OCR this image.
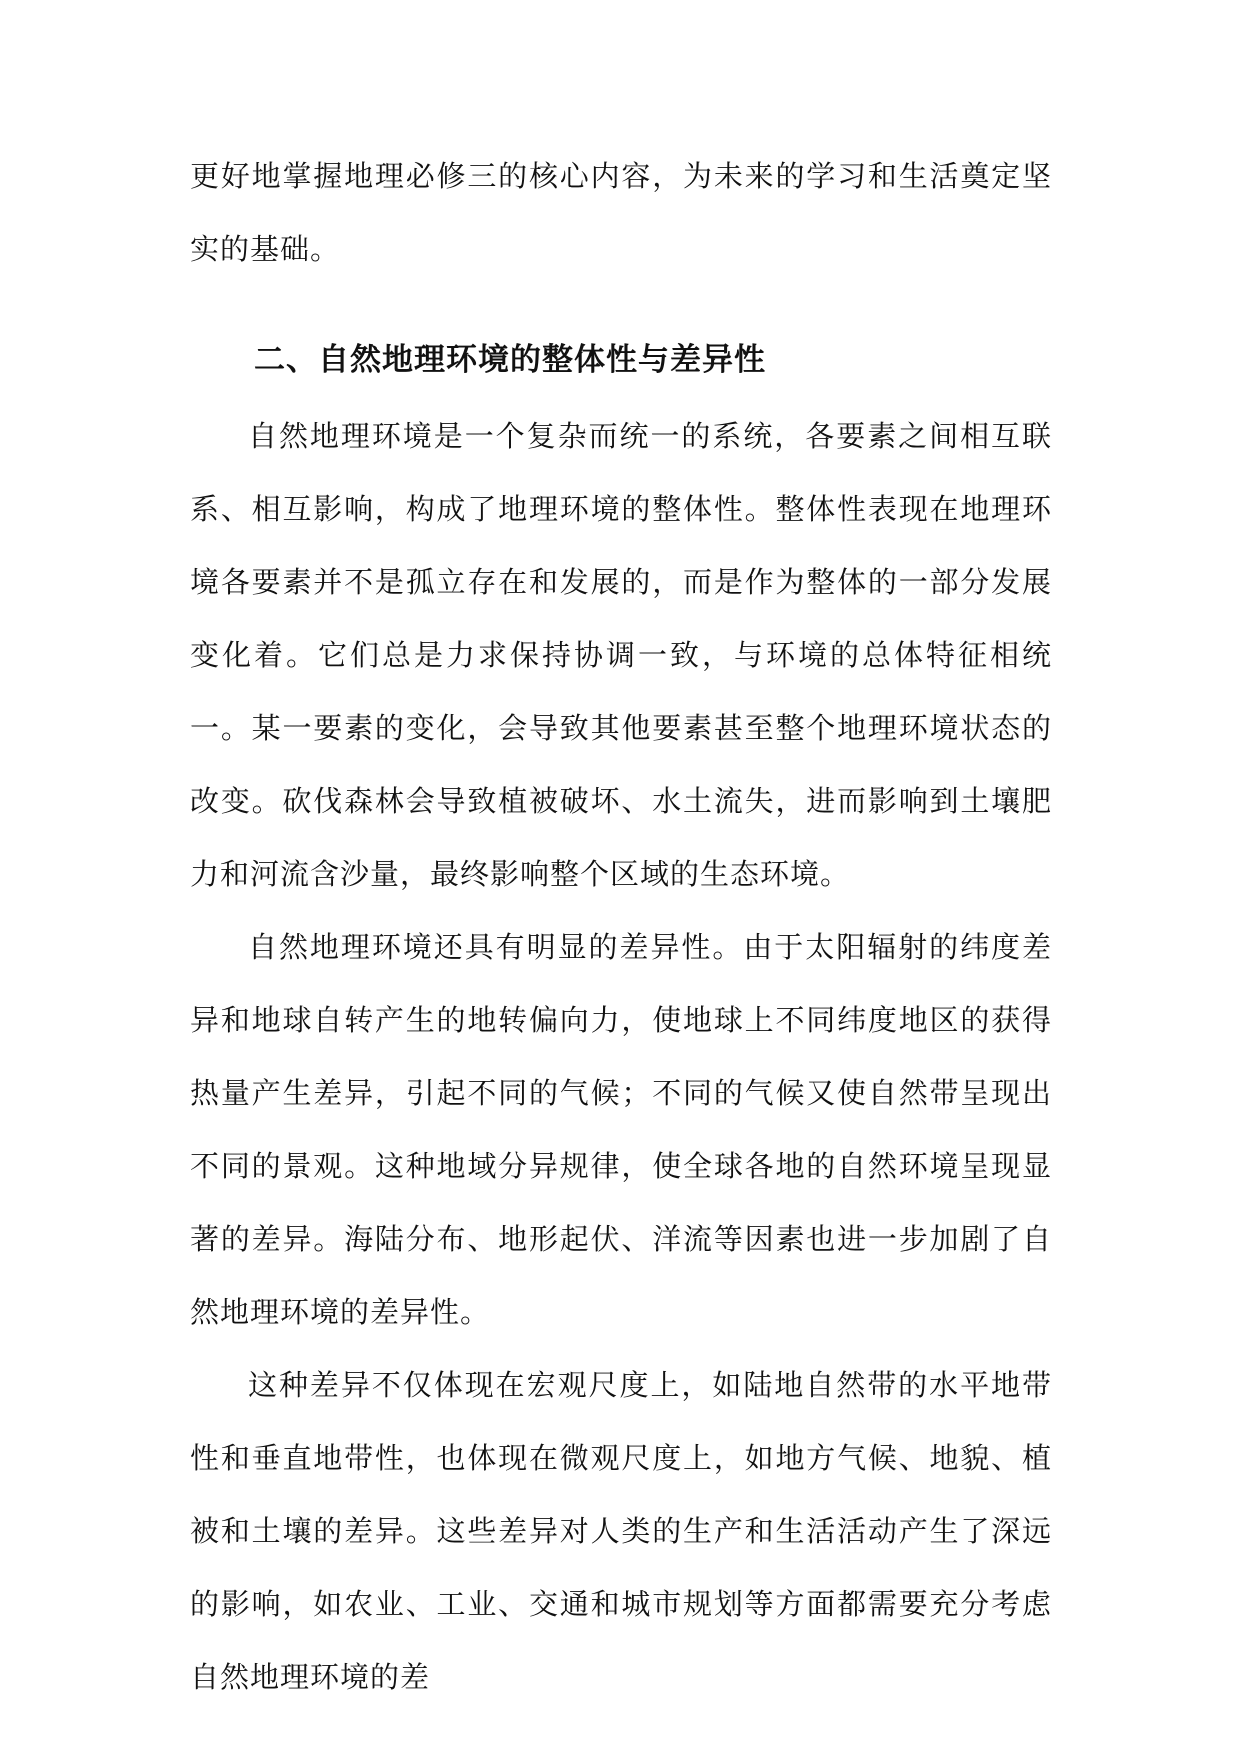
更好地掌握地理必修三的核心内容，为未来的学习和生活奠定坚实的基础。

二、自然地理环境的整体性与差异性

自然地理环境是一个复杂而统一的系统，各要素之间相互联系、相互影响，构成了地理环境的整体性。整体性表现在地理环境各要素并不是孤立存在和发展的，而是作为整体的一部分发展变化着。它们总是力求保持协调一致，与环境的总体特征相统一。某一要素的变化，会导致其他要素甚至整个地理环境状态的改变。砍伐森林会导致植被破坏、水土流失，进而影响到土壤肥力和河流含沙量，最终影响整个区域的生态环境。

自然地理环境还具有明显的差异性。由于太阳辐射的纬度差异和地球自转产生的地转偏向力，使地球上不同纬度地区的获得热量产生差异，引起不同的气候；不同的气候又使自然带呈现出不同的景观。这种地域分异规律，使全球各地的自然环境呈现显著的差异。海陆分布、地形起伏、洋流等因素也进一步加剧了自然地理环境的差异性。

这种差异不仅体现在宏观尺度上，如陆地自然带的水平地带性和垂直地带性，也体现在微观尺度上，如地方气候、地貌、植被和土壤的差异。这些差异对人类的生产和生活活动产生了深远的影响，如农业、工业、交通和城市规划等方面都需要充分考虑自然地理环境的差
